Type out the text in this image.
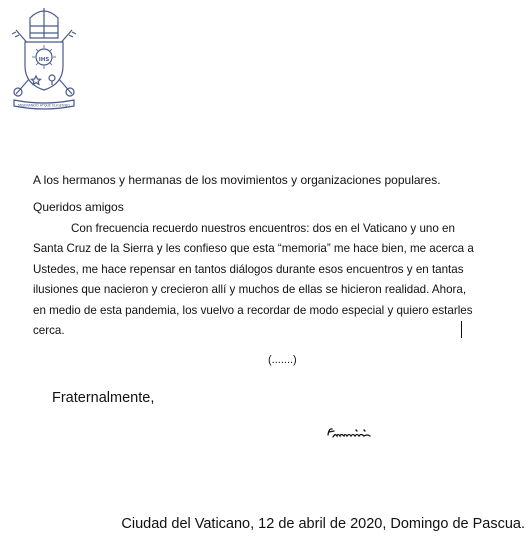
IHS
MISERANDO ATQUE ELIGENDO
A los hermanos y hermanas de los movimientos y organizaciones populares.
Queridos amigos

Con frecuencia recuerdo nuestros encuentros: dos en el Vaticano y uno en
Santa Cruz de la Sierra y les confieso que esta “memoria” me hace bien, me acerca a
Ustedes, me hace repensar en tantos diálogos durante esos encuentros y en tantas
ilusiones que nacieron y crecieron allí y muchos de ellas se hicieron realidad. Ahora,
en medio de esta pandemia, los vuelvo a recordar de modo especial y quiero estarles
cerca.

(.......)
Fraternalmente,
Ciudad del Vaticano, 12 de abril de 2020, Domingo de Pascua.
